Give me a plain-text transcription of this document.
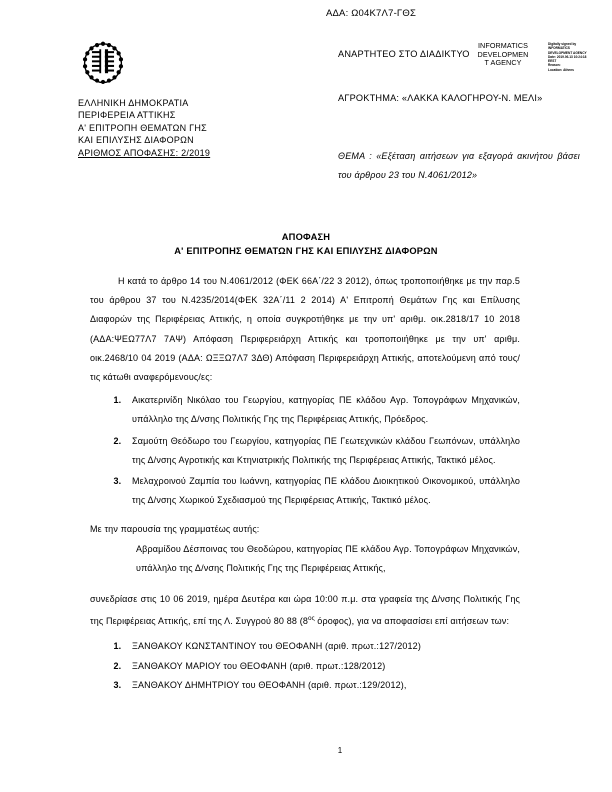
ΑΔΑ: Ω04Κ7Λ7-ΓΘΣ
ΕΛΛΗΝΙΚΗ ΔΗΜΟΚΡΑΤΙΑ
ΠΕΡΙΦΕΡΕΙΑ ΑΤΤΙΚΗΣ
Α' ΕΠΙΤΡΟΠΗ ΘΕΜΑΤΩΝ ΓΗΣ
ΚΑΙ ΕΠΙΛΥΣΗΣ ΔΙΑΦΟΡΩΝ
ΑΡΙΘΜΟΣ ΑΠΟΦΑΣΗΣ: 2/2019
ΑΝΑΡΤΗΤΕΟ ΣΤΟ ΔΙΑΔΙΚΤΥΟ
INFORMATICS
DEVELOPMEN
T AGENCY
Digitally signed by
INFORMATICS
DEVELOPMENT AGENCY
Date: 2019.06.13 10:24:18
EEST
Reason:
Location: Athens
ΑΓΡΟΚΤΗΜΑ: «ΛΑΚΚΑ ΚΑΛΟΓΗΡΟΥ-Ν. ΜΕΛΙ»
ΘΕΜΑ : «Εξέταση αιτήσεων για εξαγορά ακινήτου βάσει του άρθρου 23 του Ν.4061/2012»
ΑΠΟΦΑΣΗ
Α' ΕΠΙΤΡΟΠΗΣ ΘΕΜΑΤΩΝ ΓΗΣ ΚΑΙ ΕΠΙΛΥΣΗΣ ΔΙΑΦΟΡΩΝ

Η κατά το άρθρο 14 του Ν.4061/2012 (ΦΕΚ 66Α΄/22 3 2012), όπως τροποποιήθηκε με την παρ.5 του άρθρου 37 του Ν.4235/2014(ΦΕΚ 32Α΄/11 2 2014) Α' Επιτροπή Θεμάτων Γης και Επίλυσης Διαφορών της Περιφέρειας Αττικής, η οποία συγκροτήθηκε με την υπ' αριθμ. οικ.2818/17 10 2018 (ΑΔΑ:ΨΕΩ77Λ7 7ΑΨ) Απόφαση Περιφερειάρχη Αττικής και τροποποιήθηκε με την υπ' αριθμ. οικ.2468/10 04 2019 (ΑΔΑ: ΩΞΞΩ7Λ7 3ΔΘ) Απόφαση Περιφερειάρχη Αττικής, αποτελούμενη από τους/τις κάτωθι αναφερόμενους/ες:

1. Αικατερινίδη Νικόλαο του Γεωργίου, κατηγορίας ΠΕ κλάδου Αγρ. Τοπογράφων Μηχανικών, υπάλληλο της Δ/νσης Πολιτικής Γης της Περιφέρειας Αττικής, Πρόεδρος.
2. Σαμούτη Θεόδωρο του Γεωργίου, κατηγορίας ΠΕ Γεωτεχνικών κλάδου Γεωπόνων, υπάλληλο της Δ/νσης Αγροτικής και Κτηνιατρικής Πολιτικής της Περιφέρειας Αττικής, Τακτικό μέλος.
3. Μελαχροινού Ζαμπία του Ιωάννη, κατηγορίας ΠΕ κλάδου Διοικητικού Οικονομικού, υπάλληλο της Δ/νσης Χωρικού Σχεδιασμού της Περιφέρειας Αττικής, Τακτικό μέλος.

Με την παρουσία της γραμματέως αυτής:

Αβραμίδου Δέσποινας του Θεοδώρου, κατηγορίας ΠΕ κλάδου Αγρ. Τοπογράφων Μηχανικών, υπάλληλο της Δ/νσης Πολιτικής Γης της Περιφέρειας Αττικής,

συνεδρίασε στις 10 06 2019, ημέρα Δευτέρα και ώρα 10:00 π.μ. στα γραφεία της Δ/νσης Πολιτικής Γης της Περιφέρειας Αττικής, επί της Λ. Συγγρού 80 88 ($8^{o\varsigma}$ όροφος), για να αποφασίσει επί αιτήσεων των:

1. ΞΑΝΘΑΚΟΥ ΚΩΝΣΤΑΝΤΙΝΟΥ του ΘΕΟΦΑΝΗ (αριθ. πρωτ.:127/2012)
2. ΞΑΝΘΑΚΟΥ ΜΑΡΙΟΥ του ΘΕΟΦΑΝΗ (αριθ. πρωτ.:128/2012)
3. ΞΑΝΘΑΚΟΥ ΔΗΜΗΤΡΙΟΥ του ΘΕΟΦΑΝΗ (αριθ. πρωτ.:129/2012),
1
